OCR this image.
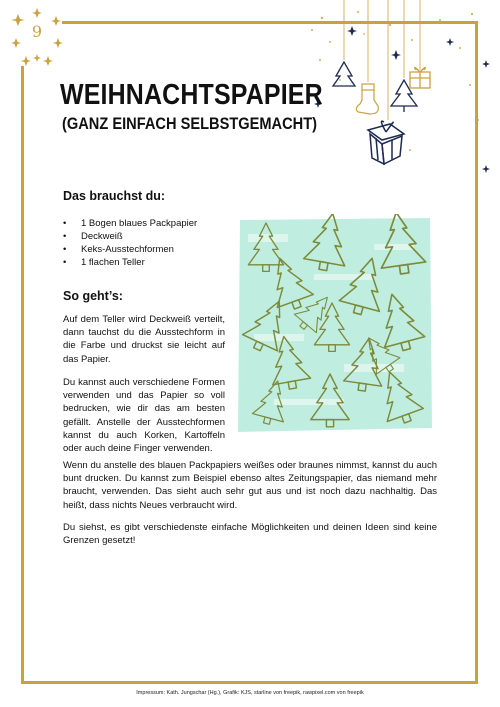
9
WEIHNACHTSPAPIER
(GANZ EINFACH SELBSTGEMACHT)
Das brauchst du:
• 1 Bogen blaues Packpapier
• Deckweiß
• Keks-Ausstechformen
• 1 flachen Teller
So geht’s:

Auf dem Teller wird Deckweiß verteilt, dann tauchst du die Ausstechform in die Farbe und druckst sie leicht auf das Papier.

Du kannst auch verschiedene Formen verwenden und das Papier so voll bedrucken, wie dir das am besten gefällt. Anstelle der Ausstechformen kannst du auch Korken, Kartoffeln oder auch deine Finger verwenden.

Wenn du anstelle des blauen Packpapiers weißes oder braunes nimmst, kannst du auch bunt drucken. Du kannst zum Beispiel ebenso altes Zeitungspapier, das niemand mehr braucht, verwenden. Das sieht auch sehr gut aus und ist noch dazu nachhaltig. Das heißt, dass nichts Neues verbraucht wird.

Du siehst, es gibt verschiedenste einfache Möglichkeiten und deinen Ideen sind keine Grenzen gesetzt!

Impressum: Kath. Jungschar (Hg.), Grafik: KJS, starline von freepik, rawpixel.com von freepik
